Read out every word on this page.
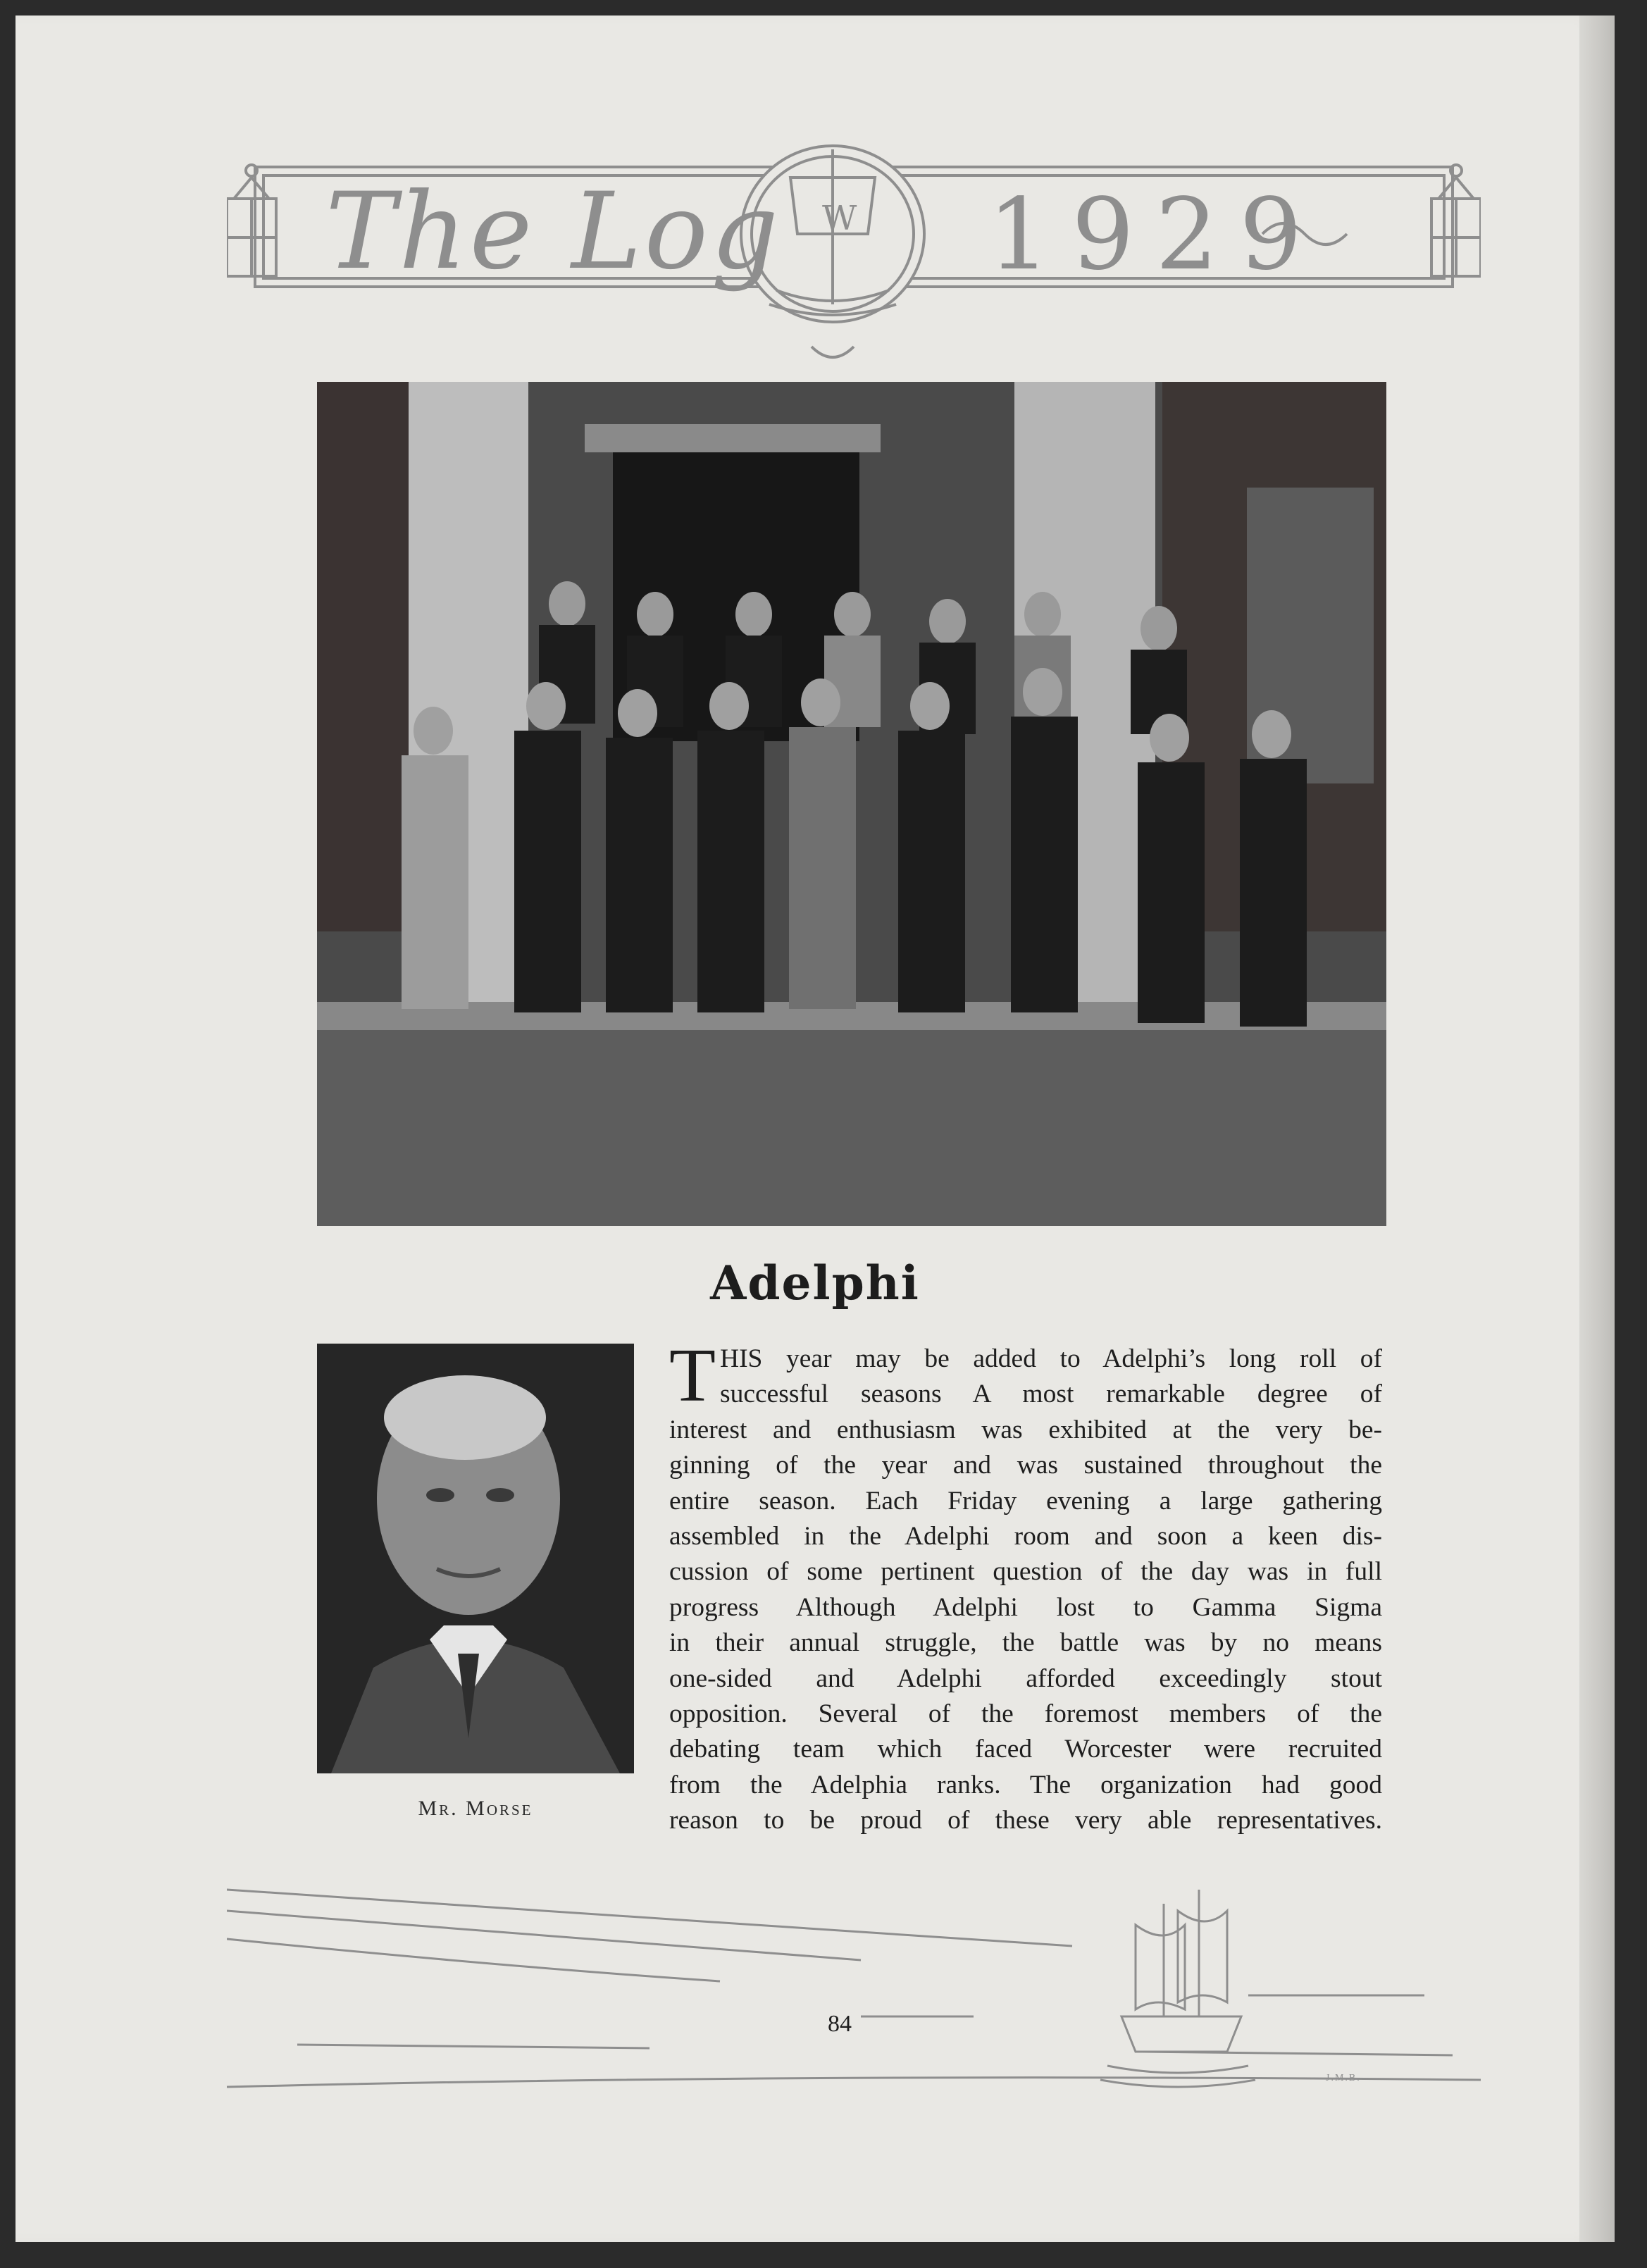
The Log W 1929
Adelphi
Mr. Morse
T HIS year may be added to Adelphi’s long roll of
successful seasons A most remarkable degree of
interest and enthusiasm was exhibited at the very be-
ginning of the year and was sustained throughout the
entire season. Each Friday evening a large gathering
assembled in the Adelphi room and soon a keen dis-
cussion of some pertinent question of the day was in full
progress Although Adelphi lost to Gamma Sigma
in their annual struggle, the battle was by no means
one-sided and Adelphi afforded exceedingly stout
opposition. Several of the foremost members of the
debating team which faced Worcester were recruited
from the Adelphia ranks. The organization had good
reason to be proud of these very able representatives.
84
J.M.B.
